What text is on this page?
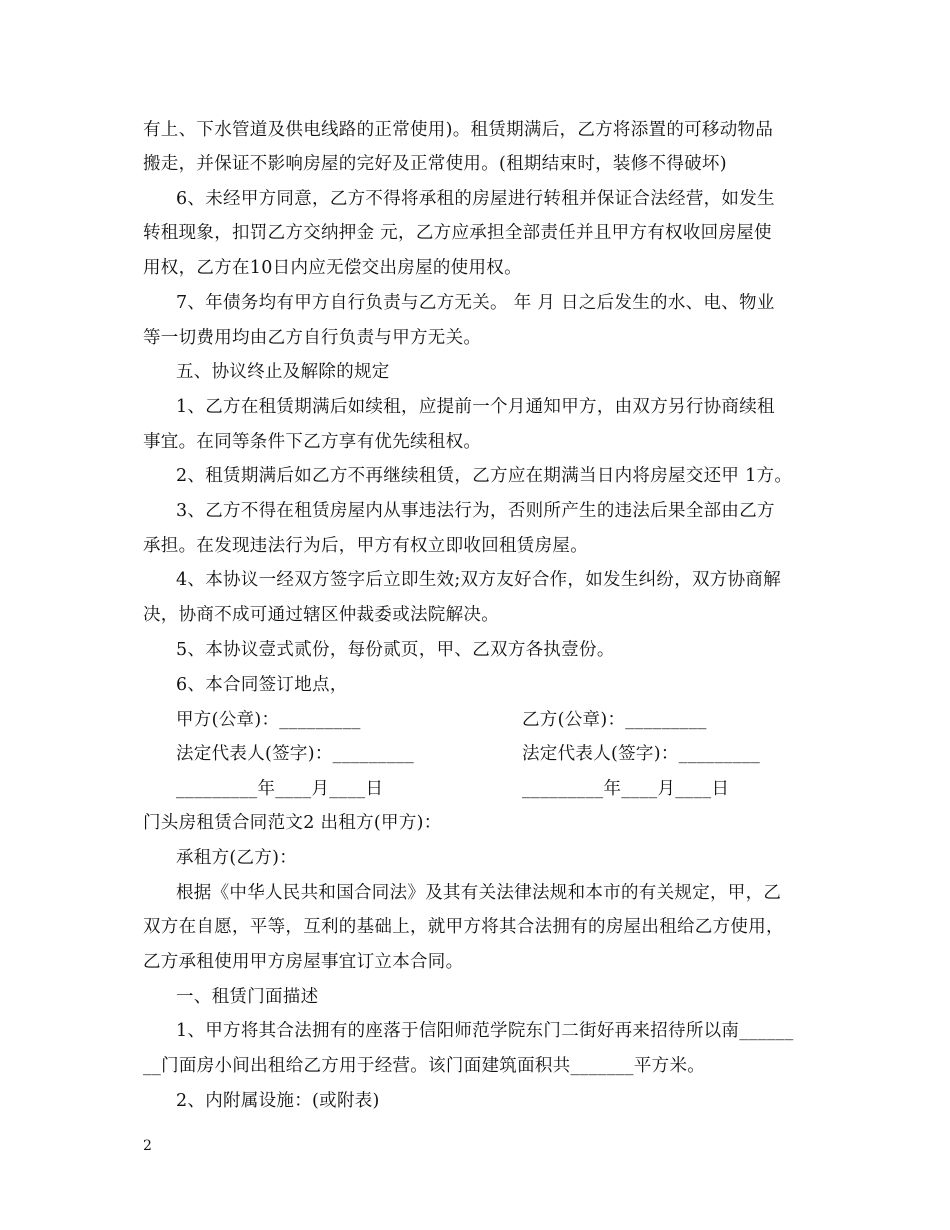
有上、下水管道及供电线路的正常使用)。租赁期满后，乙方将添置的可移动物品
搬走，并保证不影响房屋的完好及正常使用。(租期结束时，装修不得破坏)
6、未经甲方同意，乙方不得将承租的房屋进行转租并保证合法经营，如发生
转租现象，扣罚乙方交纳押金 元，乙方应承担全部责任并且甲方有权收回房屋使
用权，乙方在10日内应无偿交出房屋的使用权。
7、年债务均有甲方自行负责与乙方无关。 年 月 日之后发生的水、电、物业
等一切费用均由乙方自行负责与甲方无关。
五、协议终止及解除的规定
1、乙方在租赁期满后如续租，应提前一个月通知甲方，由双方另行协商续租
事宜。在同等条件下乙方享有优先续租权。
2、租赁期满后如乙方不再继续租赁，乙方应在期满当日内将房屋交还甲 1方。
3、乙方不得在租赁房屋内从事违法行为，否则所产生的违法后果全部由乙方
承担。在发现违法行为后，甲方有权立即收回租赁房屋。
4、本协议一经双方签字后立即生效;双方友好合作，如发生纠纷，双方协商解
决，协商不成可通过辖区仲裁委或法院解决。
5、本协议壹式贰份，每份贰页，甲、乙双方各执壹份。
6、本合同签订地点，
甲方(公章)：_________	乙方(公章)：_________
法定代表人(签字)：_________	法定代表人(签字)：_________
_________年____月____日	_________年____月____日
门头房租赁合同范文2 出租方(甲方)：
承租方(乙方)：
根据《中华人民共和国合同法》及其有关法律法规和本市的有关规定，甲，乙
双方在自愿，平等，互利的基础上，就甲方将其合法拥有的房屋出租给乙方使用，
乙方承租使用甲方房屋事宜订立本合同。
一、租赁门面描述
1、甲方将其合法拥有的座落于信阳师范学院东门二街好再来招待所以南______
__门面房小间出租给乙方用于经营。该门面建筑面积共_______平方米。
2、内附属设施：(或附表)
2
